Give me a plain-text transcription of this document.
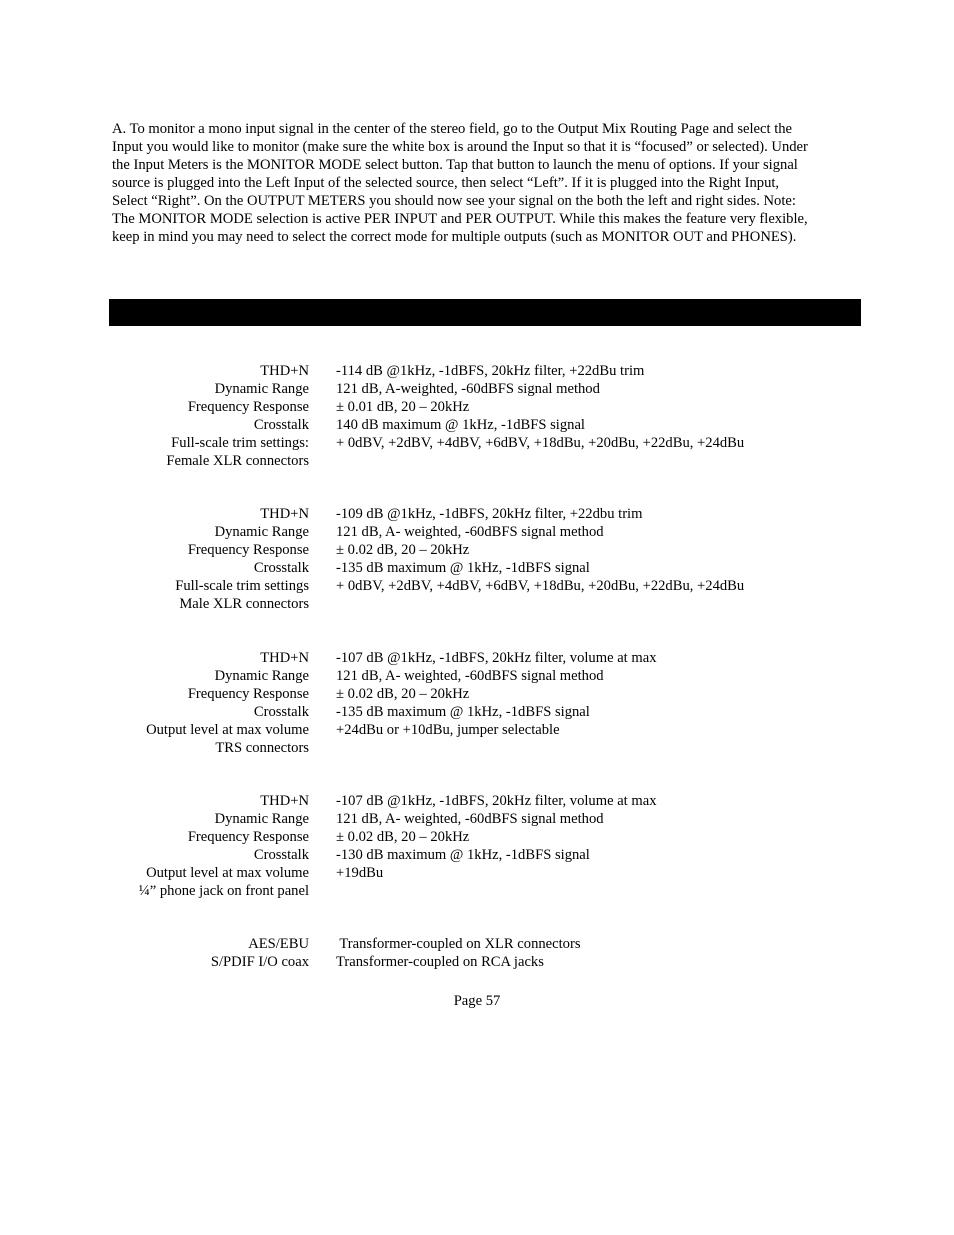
A. To monitor a mono input signal in the center of the stereo field, go to the Output Mix Routing Page and select the
Input you would like to monitor (make sure the white box is around the Input so that it is “focused” or selected). Under
the Input Meters is the MONITOR MODE select button. Tap that button to launch the menu of options. If your signal
source is plugged into the Left Input of the selected source, then select “Left”. If it is plugged into the Right Input,
Select “Right”. On the OUTPUT METERS you should now see your signal on the both the left and right sides. Note:
The MONITOR MODE selection is active PER INPUT and PER OUTPUT. While this makes the feature very flexible,
keep in mind you may need to select the correct mode for multiple outputs (such as MONITOR OUT and PHONES).

THD+N -114 dB @1kHz, -1dBFS, 20kHz filter, +22dBu trim
Dynamic Range 121 dB, A-weighted, -60dBFS signal method
Frequency Response ± 0.01 dB, 20 – 20kHz
Crosstalk 140 dB maximum @ 1kHz, -1dBFS signal
Full-scale trim settings: + 0dBV, +2dBV, +4dBV, +6dBV, +18dBu, +20dBu, +22dBu, +24dBu
Female XLR connectors
THD+N -109 dB @1kHz, -1dBFS, 20kHz filter, +22dbu trim
Dynamic Range 121 dB, A- weighted, -60dBFS signal method
Frequency Response ± 0.02 dB, 20 – 20kHz
Crosstalk -135 dB maximum @ 1kHz, -1dBFS signal
Full-scale trim settings + 0dBV, +2dBV, +4dBV, +6dBV, +18dBu, +20dBu, +22dBu, +24dBu
Male XLR connectors
THD+N -107 dB @1kHz, -1dBFS, 20kHz filter, volume at max
Dynamic Range 121 dB, A- weighted, -60dBFS signal method
Frequency Response ± 0.02 dB, 20 – 20kHz
Crosstalk -135 dB maximum @ 1kHz, -1dBFS signal
Output level at max volume +24dBu or +10dBu, jumper selectable
TRS connectors
THD+N -107 dB @1kHz, -1dBFS, 20kHz filter, volume at max
Dynamic Range 121 dB, A- weighted, -60dBFS signal method
Frequency Response ± 0.02 dB, 20 – 20kHz
Crosstalk -130 dB maximum @ 1kHz, -1dBFS signal
Output level at max volume +19dBu
¼” phone jack on front panel
AES/EBU Transformer-coupled on XLR connectors
S/PDIF I/O coax Transformer-coupled on RCA jacks
Page 57
